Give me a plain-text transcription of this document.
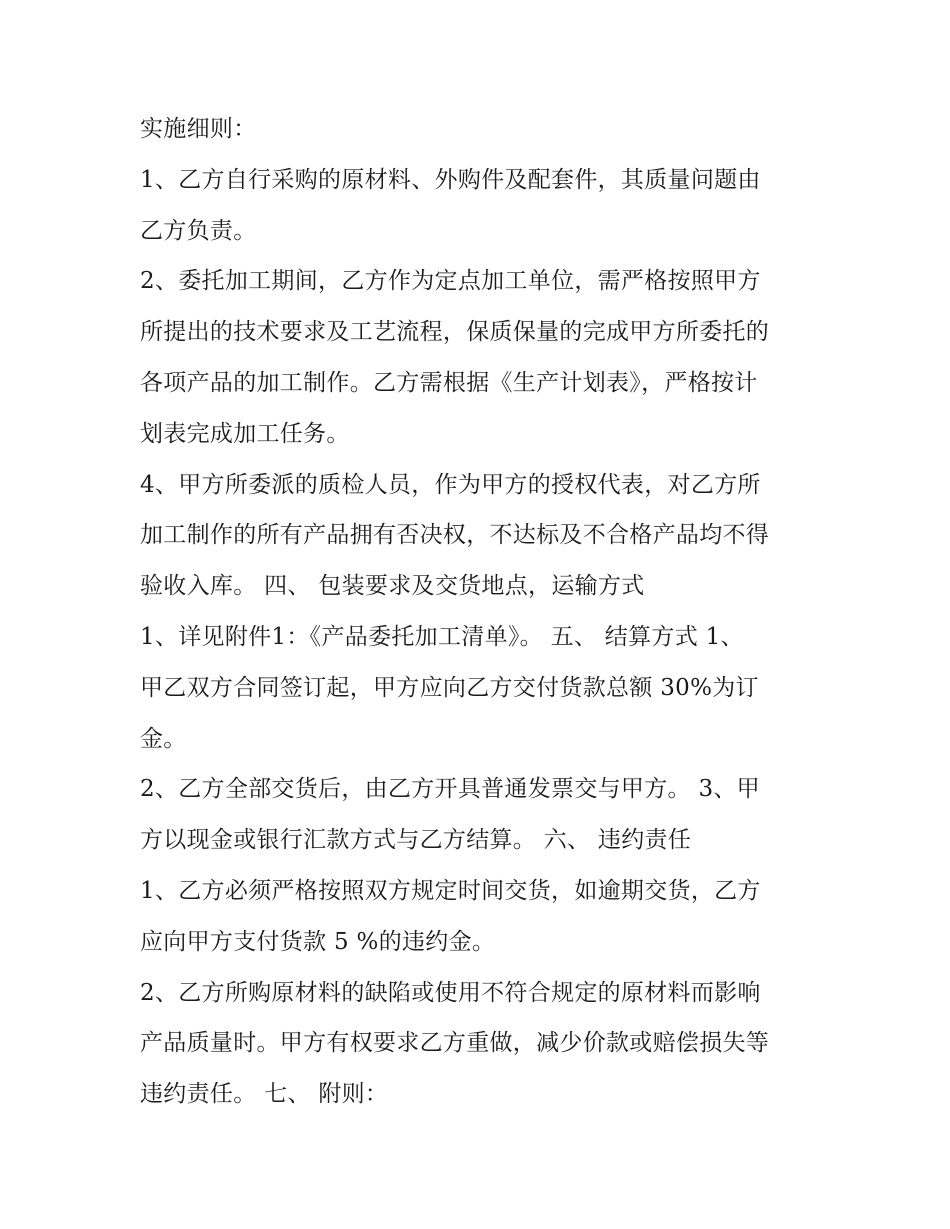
实施细则：
1、乙方自行采购的原材料、外购件及配套件，其质量问题由
乙方负责。
2、委托加工期间，乙方作为定点加工单位，需严格按照甲方
所提出的技术要求及工艺流程，保质保量的完成甲方所委托的
各项产品的加工制作。乙方需根据《生产计划表》，严格按计
划表完成加工任务。
4、甲方所委派的质检人员，作为甲方的授权代表，对乙方所
加工制作的所有产品拥有否决权，不达标及不合格产品均不得
验收入库。 四、 包装要求及交货地点，运输方式
1、详见附件1：《产品委托加工清单》。 五、 结算方式 1、
甲乙双方合同签订起，甲方应向乙方交付货款总额 30%为订
金。
2、乙方全部交货后，由乙方开具普通发票交与甲方。 3、甲
方以现金或银行汇款方式与乙方结算。 六、 违约责任
1、乙方必须严格按照双方规定时间交货，如逾期交货，乙方
应向甲方支付货款 5 %的违约金。
2、乙方所购原材料的缺陷或使用不符合规定的原材料而影响
产品质量时。甲方有权要求乙方重做，减少价款或赔偿损失等
违约责任。 七、 附则：
